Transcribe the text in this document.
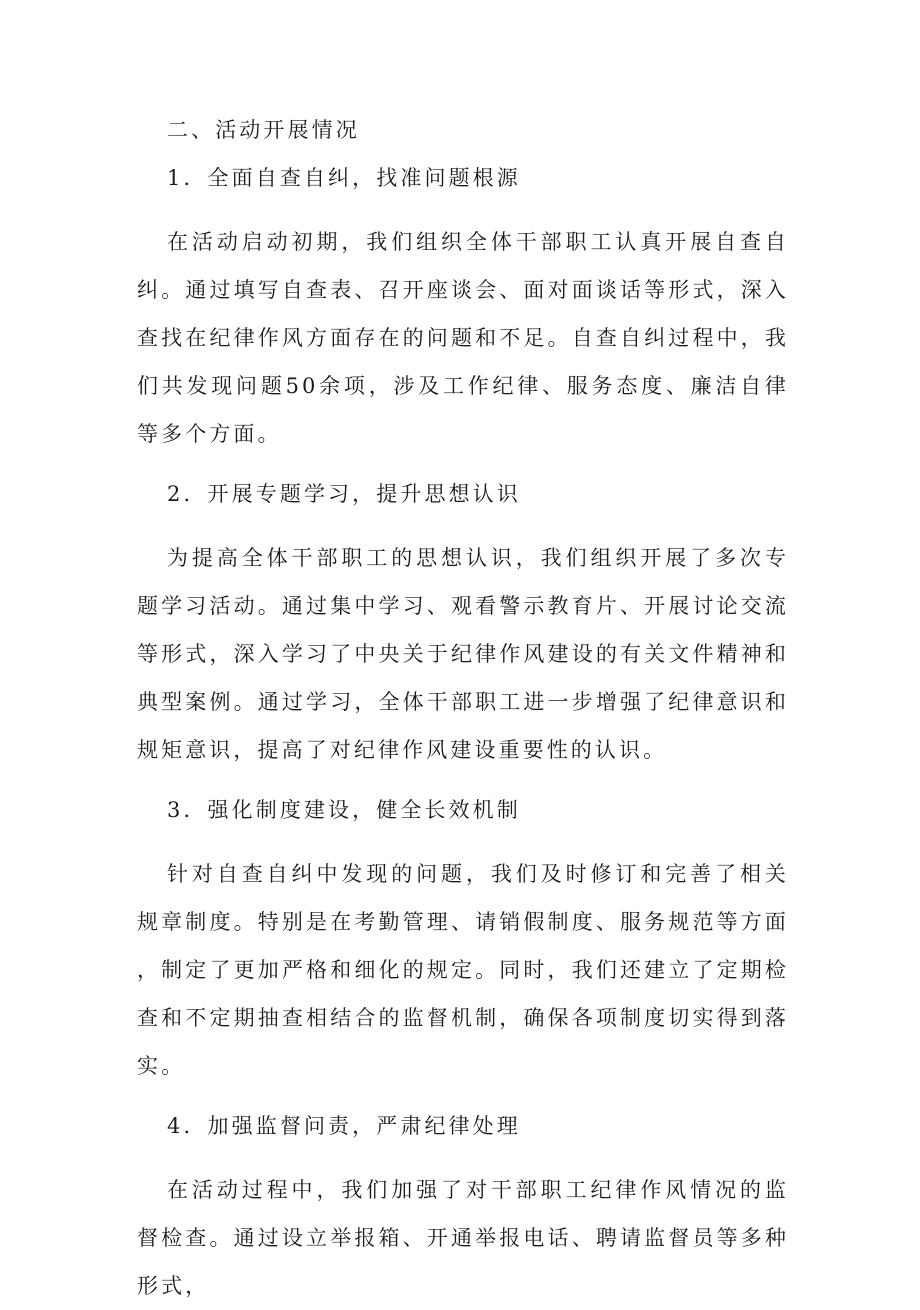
二、活动开展情况
1．全面自查自纠，找准问题根源

在活动启动初期，我们组织全体干部职工认真开展自查自纠。通过填写自查表、召开座谈会、面对面谈话等形式，深入查找在纪律作风方面存在的问题和不足。自查自纠过程中，我们共发现问题50余项，涉及工作纪律、服务态度、廉洁自律等多个方面。

2．开展专题学习，提升思想认识

为提高全体干部职工的思想认识，我们组织开展了多次专题学习活动。通过集中学习、观看警示教育片、开展讨论交流等形式，深入学习了中央关于纪律作风建设的有关文件精神和典型案例。通过学习，全体干部职工进一步增强了纪律意识和规矩意识，提高了对纪律作风建设重要性的认识。

3．强化制度建设，健全长效机制

针对自查自纠中发现的问题，我们及时修订和完善了相关规章制度。特别是在考勤管理、请销假制度、服务规范等方面，制定了更加严格和细化的规定。同时，我们还建立了定期检查和不定期抽查相结合的监督机制，确保各项制度切实得到落实。

4．加强监督问责，严肃纪律处理

在活动过程中，我们加强了对干部职工纪律作风情况的监督检查。通过设立举报箱、开通举报电话、聘请监督员等多种形式，
